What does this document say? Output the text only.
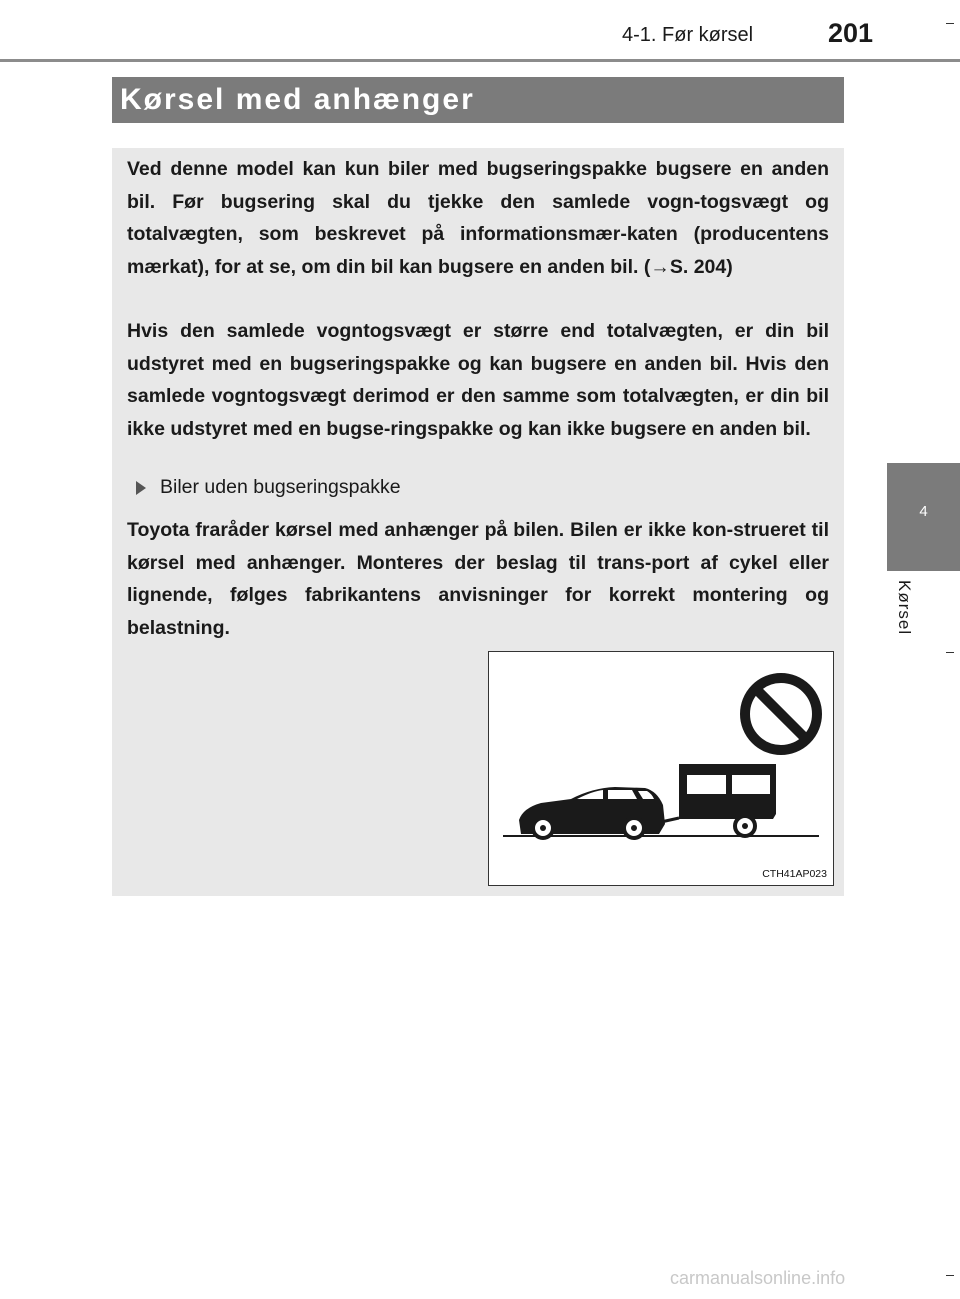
4-1. Før kørsel	201
Kørsel med anhænger
Ved denne model kan kun biler med bugseringspakke bugsere en anden bil. Før bugsering skal du tjekke den samlede vogn-togsvægt og totalvægten, som beskrevet på informationsmær-katen (producentens mærkat), for at se, om din bil kan bugsere en anden bil. (→S. 204)
Hvis den samlede vogntogsvægt er større end totalvægten, er din bil udstyret med en bugseringspakke og kan bugsere en anden bil. Hvis den samlede vogntogsvægt derimod er den samme som totalvægten, er din bil ikke udstyret med en bugse-ringspakke og kan ikke bugsere en anden bil.
Biler uden bugseringspakke
Toyota fraråder kørsel med anhænger på bilen. Bilen er ikke kon-strueret til kørsel med anhænger. Monteres der beslag til trans-port af cykel eller lignende, følges fabrikantens anvisninger for korrekt montering og belastning.
CTH41AP023
4
Kørsel
carmanualsonline.info
